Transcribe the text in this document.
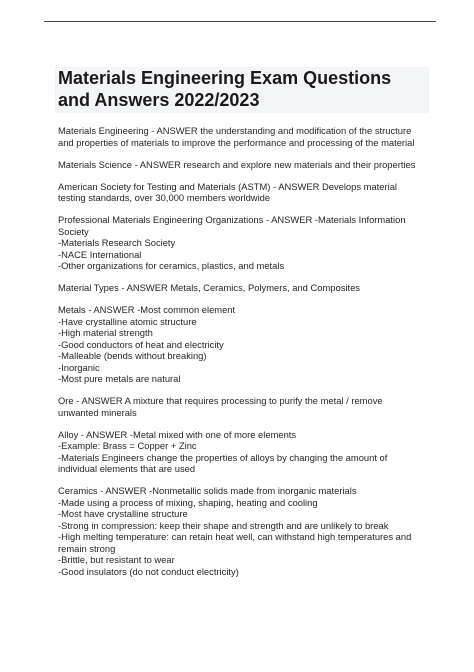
Materials Engineering Exam Questions
and Answers 2022/2023
Materials Engineering - ANSWER the understanding and modification of the structure
and properties of materials to improve the performance and processing of the material
Materials Science - ANSWER research and explore new materials and their properties
American Society for Testing and Materials (ASTM) - ANSWER Develops material
testing standards, over 30,000 members worldwide
Professional Materials Engineering Organizations - ANSWER -Materials Information
Society
-Materials Research Society
-NACE International
-Other organizations for ceramics, plastics, and metals
Material Types - ANSWER Metals, Ceramics, Polymers, and Composites
Metals - ANSWER -Most common element
-Have crystalline atomic structure
-High material strength
-Good conductors of heat and electricity
-Malleable (bends without breaking)
-Inorganic
-Most pure metals are natural
Ore - ANSWER A mixture that requires processing to purify the metal / remove
unwanted minerals
Alloy - ANSWER -Metal mixed with one of more elements
-Example: Brass = Copper + Zinc
-Materials Engineers change the properties of alloys by changing the amount of
individual elements that are used
Ceramics - ANSWER -Nonmetallic solids made from inorganic materials
-Made using a process of mixing, shaping, heating and cooling
-Most have crystalline structure
-Strong in compression: keep their shape and strength and are unlikely to break
-High melting temperature: can retain heat well, can withstand high temperatures and
remain strong
-Brittle, but resistant to wear
-Good insulators (do not conduct electricity)
